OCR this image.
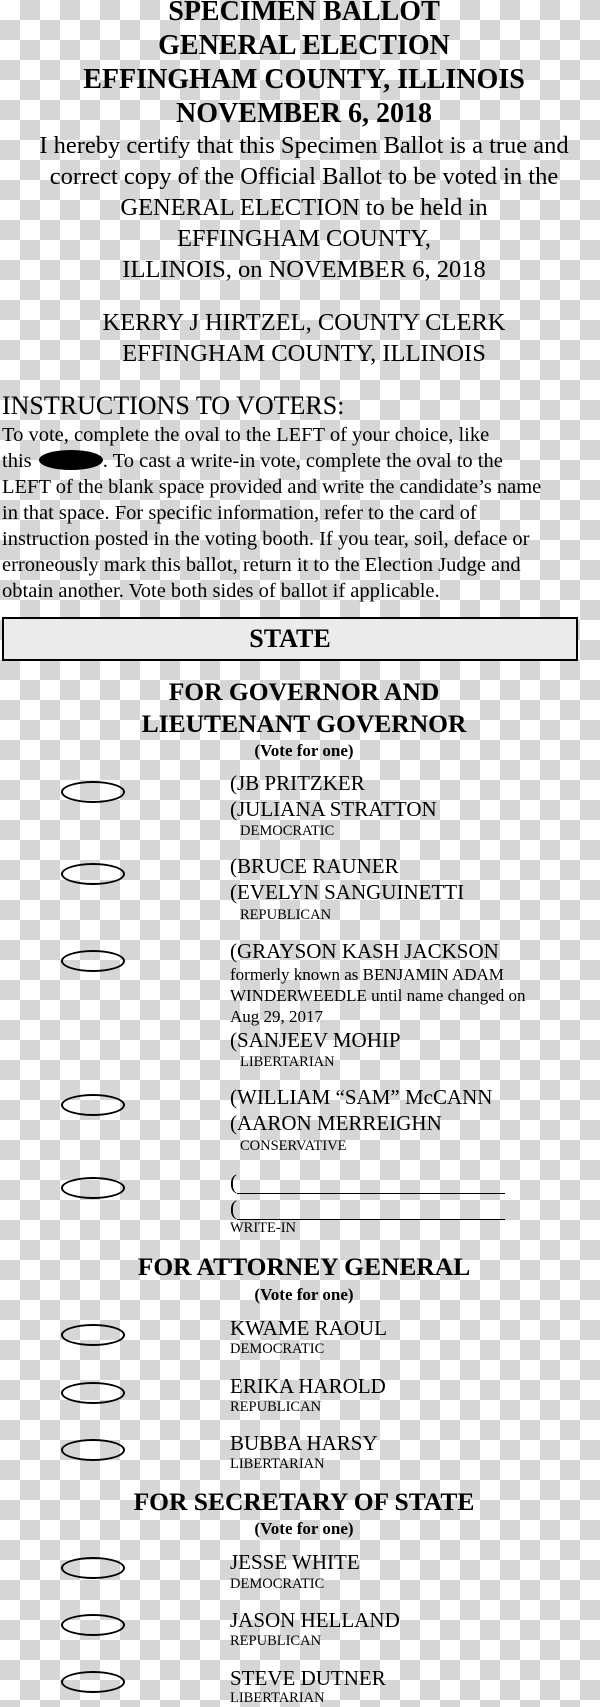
SPECIMEN BALLOT
GENERAL ELECTION
EFFINGHAM COUNTY, ILLINOIS
NOVEMBER 6, 2018
I hereby certify that this Specimen Ballot is a true and
correct copy of the Official Ballot to be voted in the
GENERAL ELECTION to be held in
EFFINGHAM COUNTY,
ILLINOIS, on NOVEMBER 6, 2018
KERRY J HIRTZEL, COUNTY CLERK
EFFINGHAM COUNTY, ILLINOIS
INSTRUCTIONS TO VOTERS:
To vote, complete the oval to the LEFT of your choice, like
this	. To cast a write-in vote, complete the oval to the
LEFT of the blank space provided and write the candidate’s name
in that space. For specific information, refer to the card of
instruction posted in the voting booth. If you tear, soil, deface or
erroneously mark this ballot, return it to the Election Judge and
obtain another. Vote both sides of ballot if applicable.
STATE
FOR GOVERNOR AND
LIEUTENANT GOVERNOR
(Vote for one)
(JB PRITZKER
(JULIANA STRATTON
DEMOCRATIC
(BRUCE RAUNER
(EVELYN SANGUINETTI
REPUBLICAN
(GRAYSON KASH JACKSON
formerly known as BENJAMIN ADAM
WINDERWEEDLE until name changed on
Aug 29, 2017
(SANJEEV MOHIP
LIBERTARIAN
(WILLIAM “SAM” McCANN
(AARON MERREIGHN
CONSERVATIVE
(
(
WRITE-IN
FOR ATTORNEY GENERAL
(Vote for one)
KWAME RAOUL
DEMOCRATIC
ERIKA HAROLD
REPUBLICAN
BUBBA HARSY
LIBERTARIAN
FOR SECRETARY OF STATE
(Vote for one)
JESSE WHITE
DEMOCRATIC
JASON HELLAND
REPUBLICAN
STEVE DUTNER
LIBERTARIAN
